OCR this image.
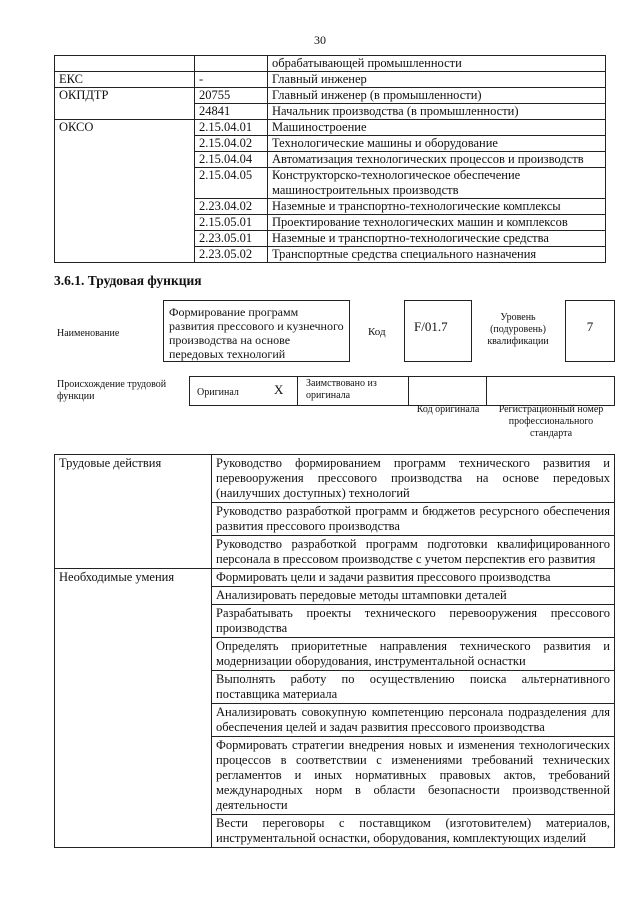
30
		обрабатывающей промышленности
ЕКС	-	Главный инженер
ОКПДТР	20755	Главный инженер (в промышленности)
	24841	Начальник производства (в промышленности)
ОКСО	2.15.04.01	Машиностроение
	2.15.04.02	Технологические машины и оборудование
	2.15.04.04	Автоматизация технологических процессов и производств
	2.15.04.05	Конструкторско-технологическое обеспечение машиностроительных производств
	2.23.04.02	Наземные и транспортно-технологические комплексы
	2.15.05.01	Проектирование технологических машин и комплексов
	2.23.05.01	Наземные и транспортно-технологические средства
	2.23.05.02	Транспортные средства специального назначения
3.6.1. Трудовая функция
Наименование
Формирование программ развития прессового и кузнечного производства на основе передовых технологий
Код	F/01.7
Уровень (подуровень) квалификации
7
Происхождение трудовой функции	Оригинал	X	Заимствовано из оригинала
Код оригинала	Регистрационный номер профессионального стандарта
Трудовые действия	Руководство формированием программ технического развития и перевооружения прессового производства на основе передовых (наилучших доступных) технологий
	Руководство разработкой программ и бюджетов ресурсного обеспечения развития прессового производства
	Руководство разработкой программ подготовки квалифицированного персонала в прессовом производстве с учетом перспектив его развития
Необходимые умения	Формировать цели и задачи развития прессового производства
	Анализировать передовые методы штамповки деталей
	Разрабатывать проекты технического перевооружения прессового производства
	Определять приоритетные направления технического развития и модернизации оборудования, инструментальной оснастки
	Выполнять работу по осуществлению поиска альтернативного поставщика материала
	Анализировать совокупную компетенцию персонала подразделения для обеспечения целей и задач развития прессового производства
	Формировать стратегии внедрения новых и изменения технологических процессов в соответствии с изменениями требований технических регламентов и иных нормативных правовых актов, требований международных норм в области безопасности производственной деятельности
	Вести переговоры с поставщиком (изготовителем) материалов, инструментальной оснастки, оборудования, комплектующих изделий
